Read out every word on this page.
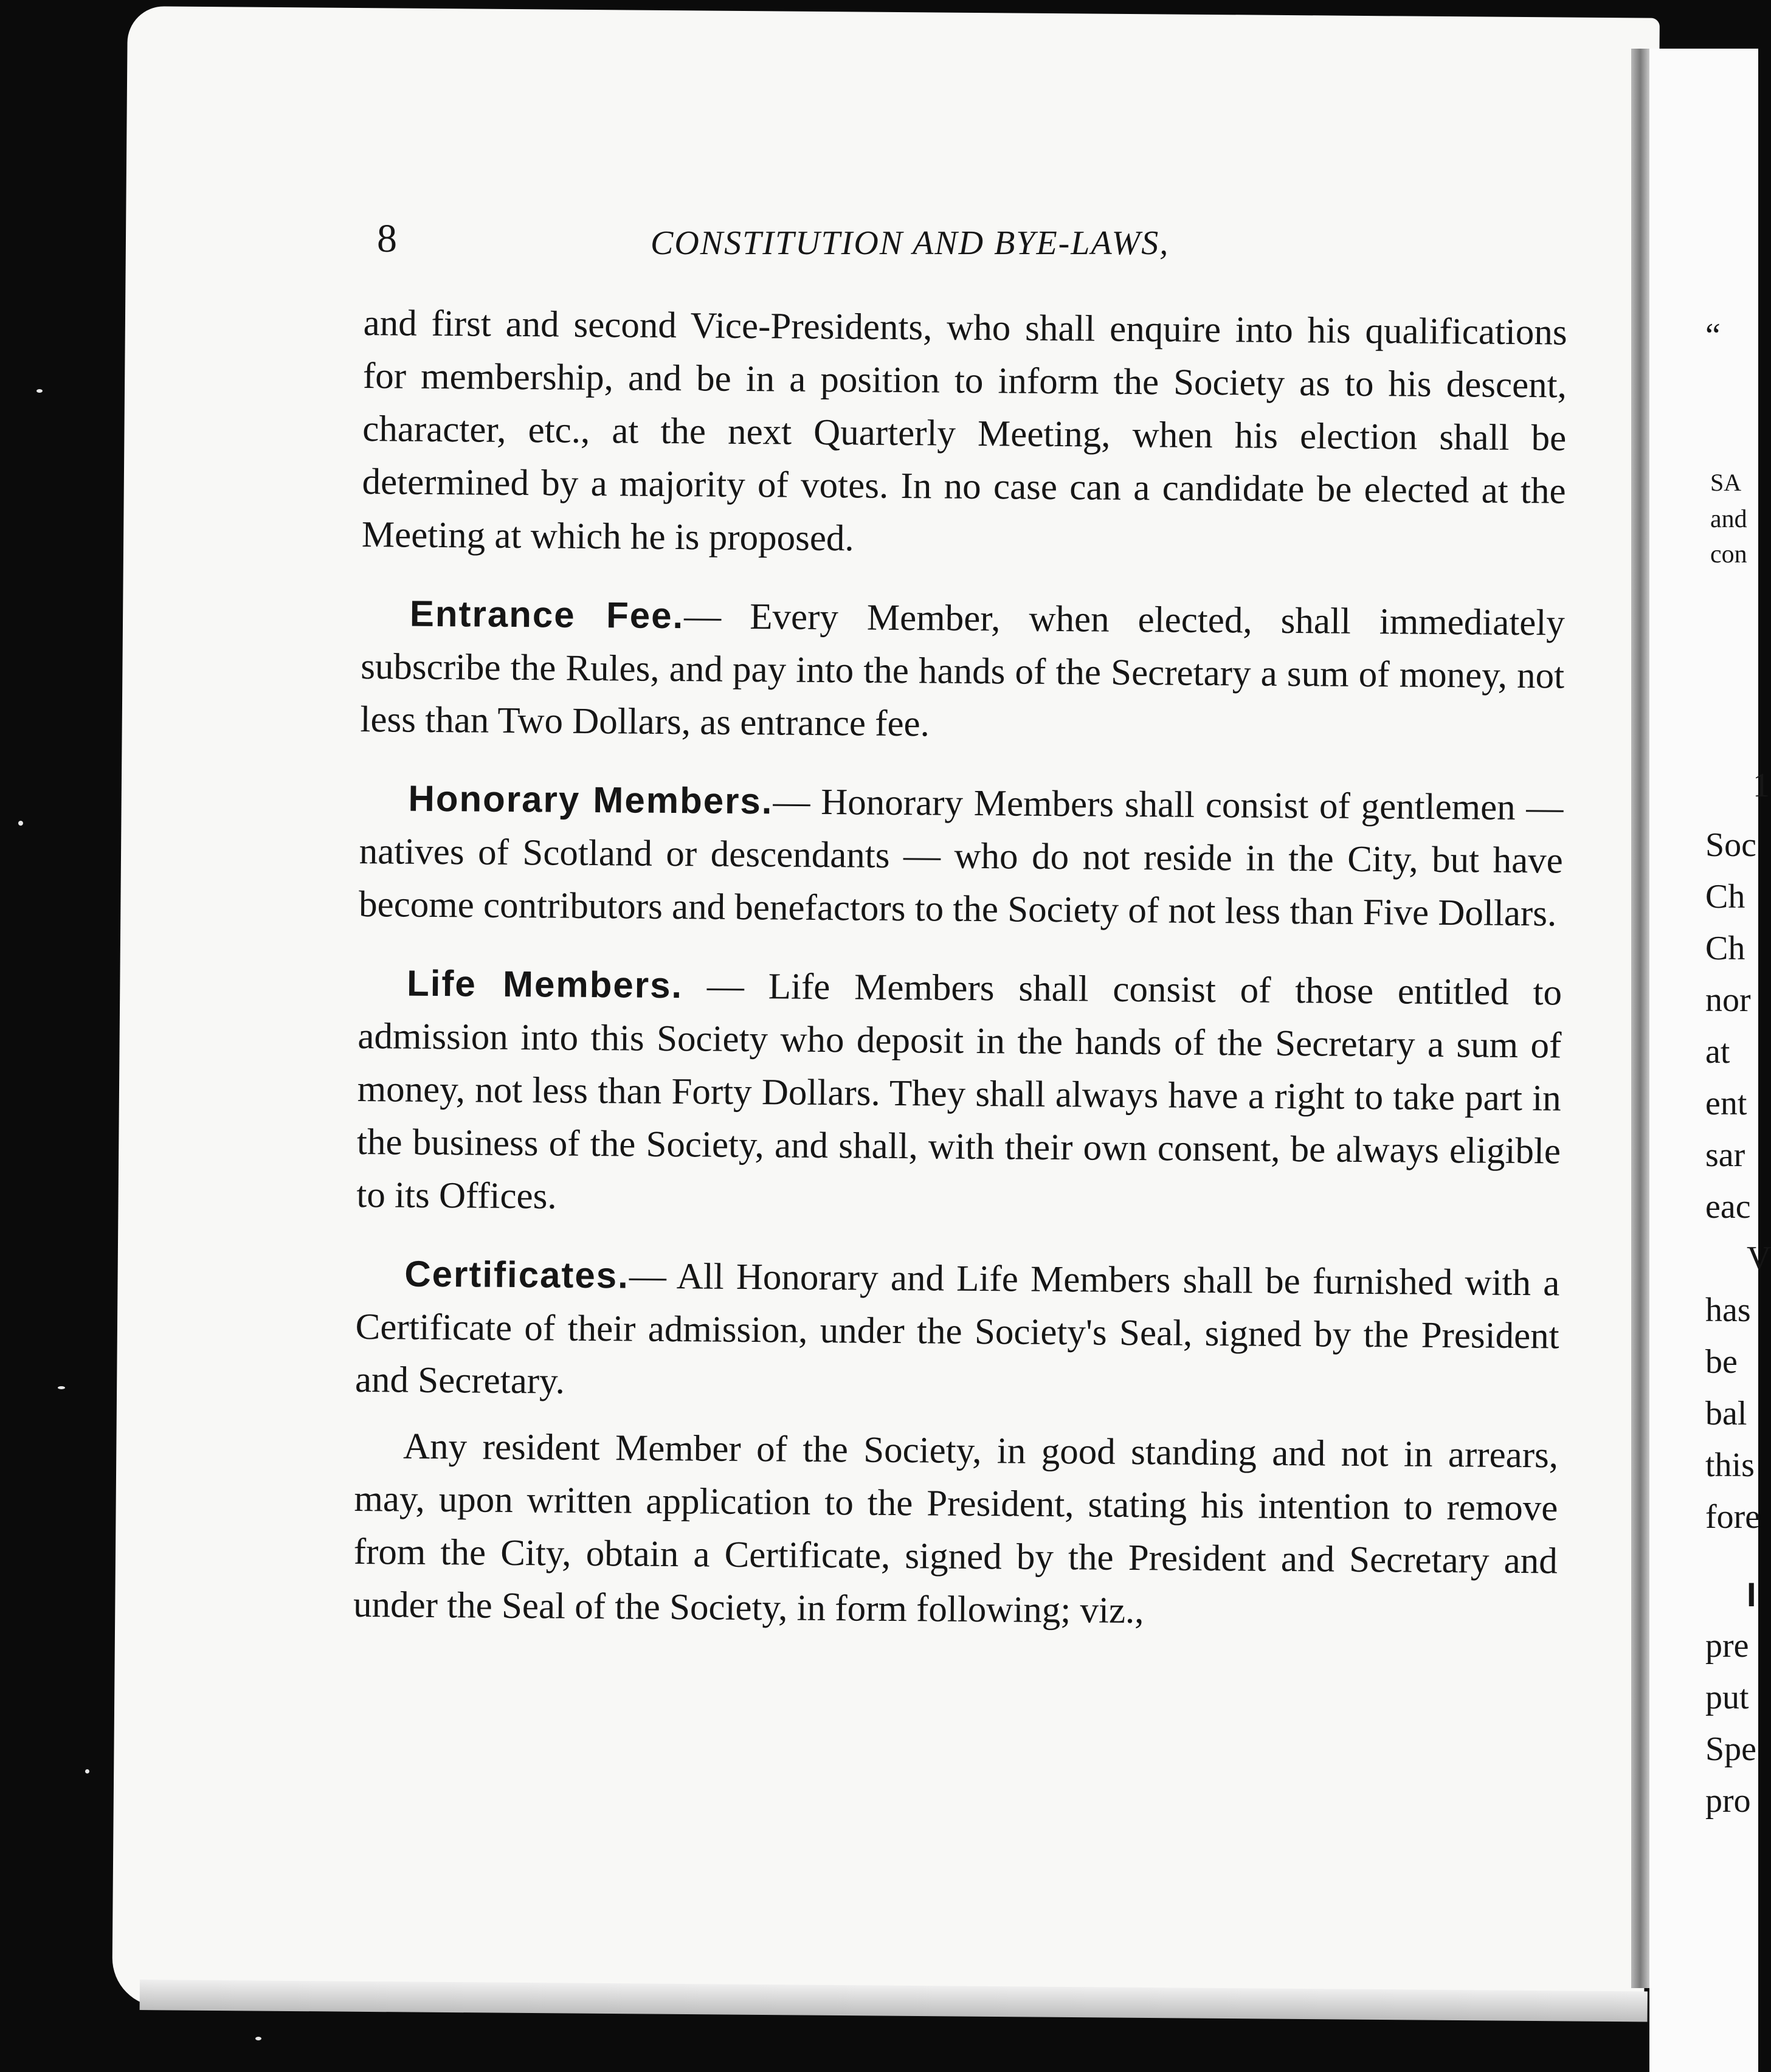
“
SA
and
con
1
Soc
Ch
Ch
nor
at
ent
sar
eac
V
has
be
bal
this
fore
I
pre
put
Spe
pro
8	CONSTITUTION AND BYE-LAWS,

and first and second Vice-Presidents, who shall enquire into his qualifications for membership, and be in a position to inform the Society as to his descent, character, etc., at the next Quarterly Meeting, when his election shall be determined by a majority of votes. In no case can a candidate be elected at the Meeting at which he is proposed.

Entrance Fee.— Every Member, when elected, shall immediately subscribe the Rules, and pay into the hands of the Secretary a sum of money, not less than Two Dollars, as entrance fee.

Honorary Members.— Honorary Members shall consist of gentlemen — natives of Scotland or descendants — who do not reside in the City, but have become contributors and benefactors to the Society of not less than Five Dollars.

Life Members. — Life Members shall consist of those entitled to admission into this Society who deposit in the hands of the Secretary a sum of money, not less than Forty Dollars. They shall always have a right to take part in the business of the Society, and shall, with their own consent, be always eligible to its Offices.

Certificates.— All Honorary and Life Members shall be furnished with a Certificate of their admission, under the Society's Seal, signed by the President and Secretary.

Any resident Member of the Society, in good standing and not in arrears, may, upon written application to the President, stating his intention to remove from the City, obtain a Certificate, signed by the President and Secretary and under the Seal of the Society, in form following; viz.,
